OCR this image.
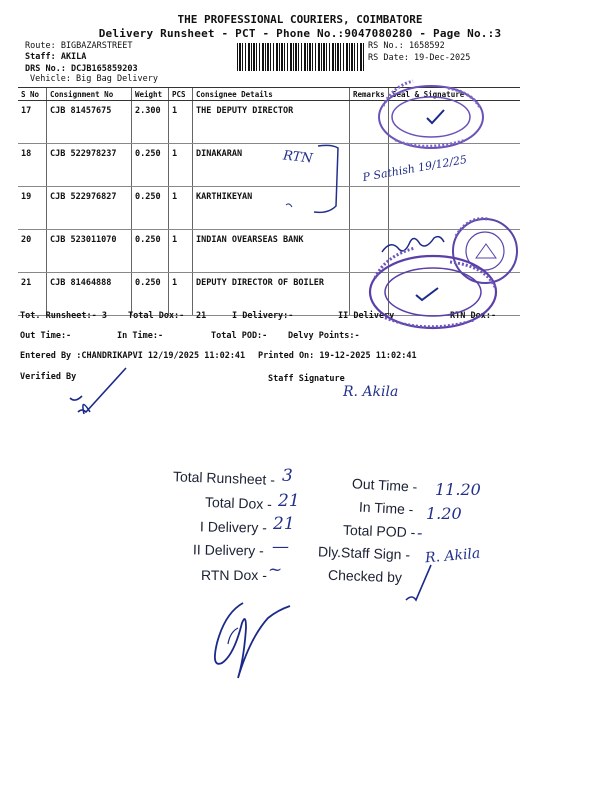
THE PROFESSIONAL COURIERS, COIMBATORE
Delivery Runsheet - PCT - Phone No.:9047080280 - Page No.:3
Route: BIGBAZARSTREET
Staff: AKILA
DRS No.: DCJB165859203
Vehicle: Big Bag Delivery
RS No.: 1658592
RS Date: 19-Dec-2025
S No	Consignment No	Weight	PCS	Consignee Details	Remarks	Seal & Signature
17	CJB 81457675	2.300	1	THE DEPUTY DIRECTOR		
18	CJB 522978237	0.250	1	DINAKARAN		
19	CJB 522976827	0.250	1	KARTHIKEYAN		
20	CJB 523011070	0.250	1	INDIAN OVEARSEAS BANK		
21	CJB 81464888	0.250	1	DEPUTY DIRECTOR OF BOILER		
Tot. Runsheet:- 3 Total Dox:- 21	I Delivery:-	II Delivery	RTN Dox:-
Out Time:-	In Time:-	Total POD:- Delvy Points:-
Entered By :CHANDRIKAPVI 12/19/2025 11:02:41 Printed On: 19-12-2025 11:02:41
Verified By	Staff Signature
RTN	P Sathish 19/12/25
R. Akila
Total Runsheet - 3
Total Dox - 21
I Delivery - 21
II Delivery - —
RTN Dox - ~
Out Time - 11.20
In Time - 1.20
Total POD - -
Dly.Staff Sign - R. Akila
Checked by
